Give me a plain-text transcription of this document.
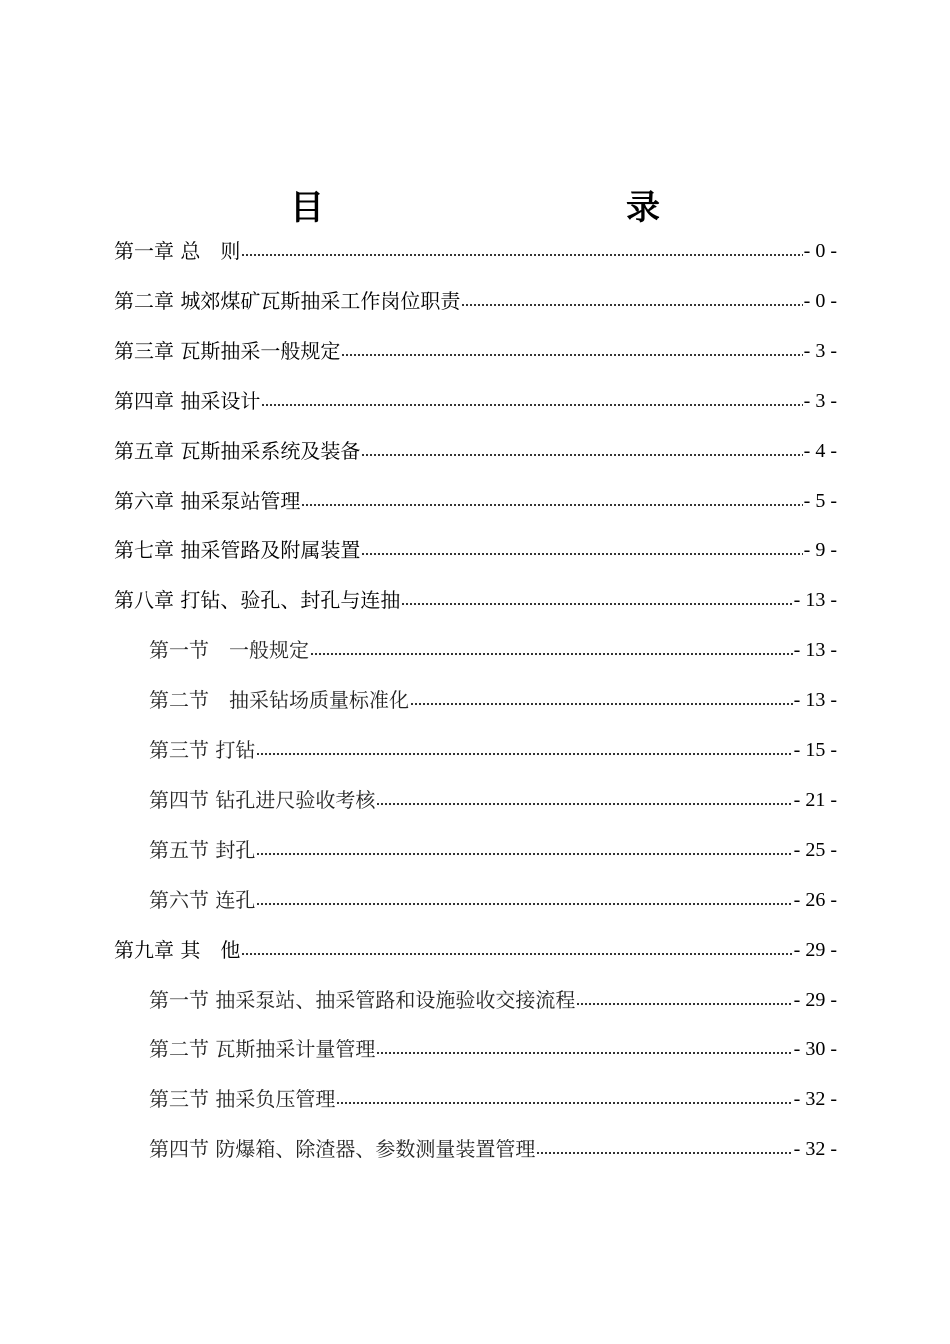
目　　录
第一章 总　则	- 0 -
第二章 城郊煤矿瓦斯抽采工作岗位职责	- 0 -
第三章 瓦斯抽采一般规定	- 3 -
第四章 抽采设计	- 3 -
第五章 瓦斯抽采系统及装备	- 4 -
第六章 抽采泵站管理	- 5 -
第七章 抽采管路及附属装置	- 9 -
第八章 打钻、验孔、封孔与连抽	- 13 -
第一节　一般规定	- 13 -
第二节　抽采钻场质量标准化	- 13 -
第三节 打钻	- 15 -
第四节 钻孔进尺验收考核	- 21 -
第五节 封孔	- 25 -
第六节 连孔	- 26 -
第九章 其　他	- 29 -
第一节 抽采泵站、抽采管路和设施验收交接流程	- 29 -
第二节 瓦斯抽采计量管理	- 30 -
第三节 抽采负压管理	- 32 -
第四节 防爆箱、除渣器、参数测量装置管理	- 32 -
